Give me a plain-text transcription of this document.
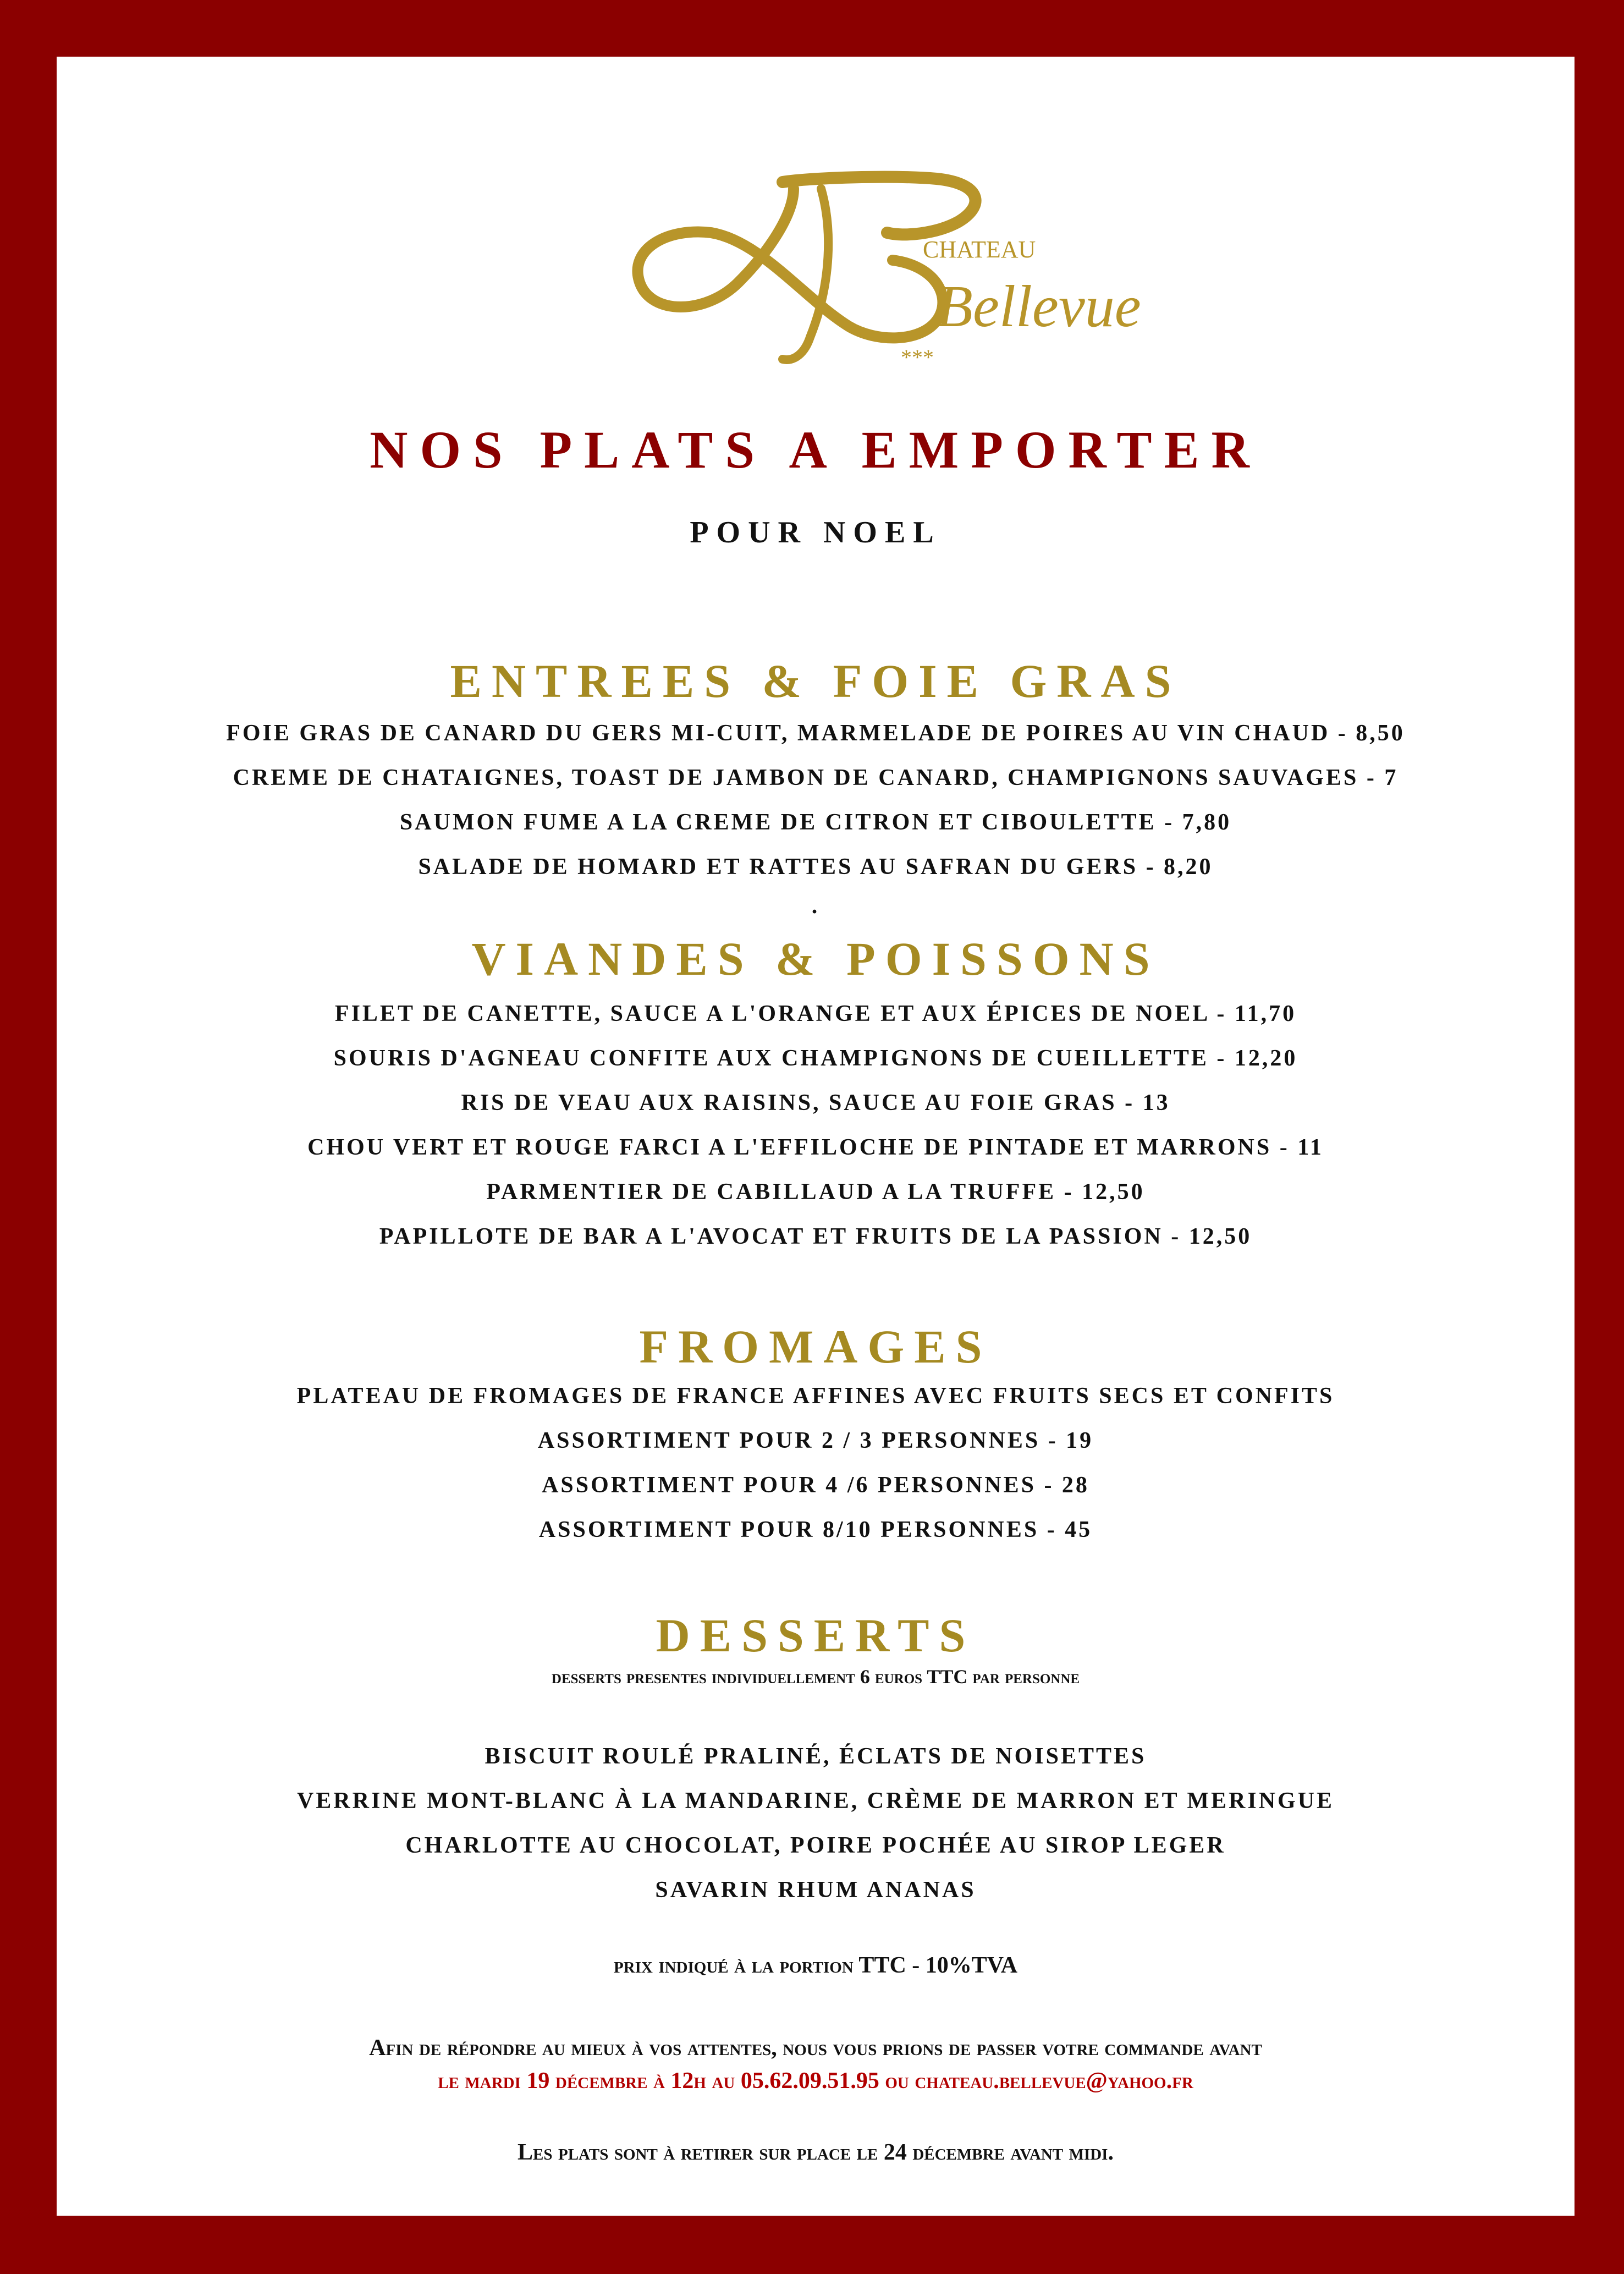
CHATEAU
Bellevue
***
NOS PLATS A EMPORTER
POUR NOEL
ENTREES & FOIE GRAS
FOIE GRAS DE CANARD DU GERS MI-CUIT, MARMELADE DE POIRES AU VIN CHAUD - 8,50
CREME DE CHATAIGNES, TOAST DE JAMBON DE CANARD, CHAMPIGNONS SAUVAGES - 7
SAUMON FUME A LA CREME DE CITRON ET CIBOULETTE - 7,80
SALADE DE HOMARD ET RATTES AU SAFRAN DU GERS - 8,20
.
VIANDES & POISSONS
FILET DE CANETTE, SAUCE A L'ORANGE ET AUX ÉPICES DE NOEL - 11,70
SOURIS D'AGNEAU CONFITE AUX CHAMPIGNONS DE CUEILLETTE - 12,20
RIS DE VEAU AUX RAISINS, SAUCE AU FOIE GRAS - 13
CHOU VERT ET ROUGE FARCI A L'EFFILOCHE DE PINTADE ET MARRONS - 11
PARMENTIER DE CABILLAUD A LA TRUFFE - 12,50
PAPILLOTE DE BAR A L'AVOCAT ET FRUITS DE LA PASSION - 12,50
FROMAGES
PLATEAU DE FROMAGES DE FRANCE AFFINES AVEC FRUITS SECS ET CONFITS
ASSORTIMENT POUR 2 / 3 PERSONNES - 19
ASSORTIMENT POUR 4 /6 PERSONNES - 28
ASSORTIMENT POUR 8/10 PERSONNES - 45
DESSERTS
desserts presentes individuellement 6 euros TTC par personne
BISCUIT ROULÉ PRALINÉ, ÉCLATS DE NOISETTES
VERRINE MONT-BLANC À LA MANDARINE, CRÈME DE MARRON ET MERINGUE
CHARLOTTE AU CHOCOLAT, POIRE POCHÉE AU SIROP LEGER
SAVARIN RHUM ANANAS
prix indiqué à la portion TTC - 10%TVA
Afin de répondre au mieux à vos attentes, nous vous prions de passer votre commande avant
le mardi 19 décembre à 12h au 05.62.09.51.95 ou chateau.bellevue@yahoo.fr
Les plats sont à retirer sur place le 24 décembre avant midi.
